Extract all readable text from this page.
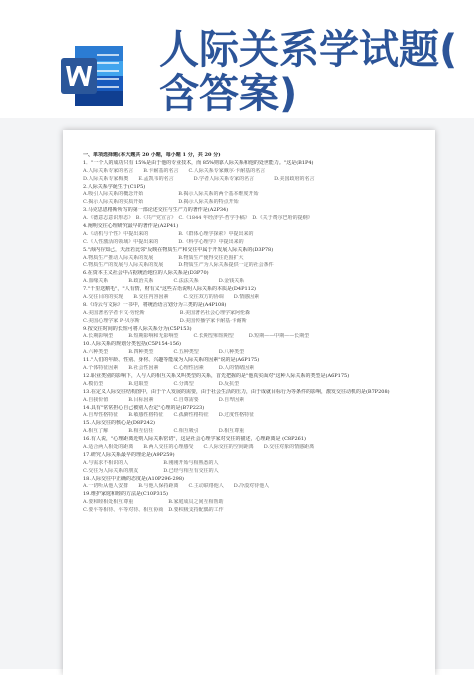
人际关系学试题(
含答案)
一、单项选择题(本大题共 20 小题，每小题 1 分，共 20 分)
1．"一个人的成功只有 15%是由于他的专业技术，而 85%则靠人际关系和他的处世能力。"这是(B1P4)
A.人际关系专家的名言　　B.卡耐基的名言　　C.人际关系专家戴尔·卡耐基的名言
D.人际关系专家梅奥　　E.孟凯韦的名言　　　　D.学者人际关系专家的名言　　　　D.美国政府的名言
2.人际关系学诞生于(C1P5)
A.吸引人际关系的概念开始　　　　　　　B.揭示人际关系的两个基本维度开始
C.揭示人际关系的实质开始　　　　　　　D.揭示人际关系的特点开始
3.马克思恩格斯所写的第一部论述交往与生产力的著作是(A2P34)
A.《德意志意识形态》　B.《共产党宣言》　C.《1844 年经济学-哲学手稿》　D.《关于费尔巴哈的提纲》
4.阐明交往心理研究最早的著作是(A2P41)
A.《动机与个性》中提出来的　　　　　　B.《群体心理学探索》中提出来的
C.《人性激活的领域》中提出来的　　　　D.《科学心理学》中提出来的
5."海内存知己，天涯若比邻"反映在物质生产和交往中属于开发展人际关系的(D3P78)
A.物质生产推动人际关系的发展　　　　　B.物质生产使得交往范围扩大
C.物质生产的发展与人际关系的发展　　　D.物质生产为人际关系提供一定的社会条件
6.在资本主义社会中占据统治地位的人际关系是(D3P70)
A.血缘关系　　　　B.政治关系　　　　C.法法关系　　　　D.金钱关系
7."千里送鹅毛"，"人有情，财有义"这些古语说明人际关系的本质是(D4P112)
A.交往目的的实现　　B.交往内容因素　　　C.交往双方的协调　　D.情感因素
8.《诗云与文际》一书中，将统治语言划分为三类的是(A4P108)
A.美国著名学者卡文·劳伦斯　　　　　　　B.美国著名社会心理学家阿伦森
C.美国心理学家 P·贝尔斯　　　　　　　　D.美国传播学家卡耐基·卡耐斯
9.按交往时间的长短可将人际关系分为(C5P153)
A.长期影响型　　　B.短期影响和无影响型　　　C.长期型和短期型　　　D.短期——中期——长期型
10.人际关系的规划分类包括(C5P154-156)
A.六种类型　　　　B.四种类型　　　　C.五种类型　　　　D.八种类型
11."人们的年龄、性别、身材、兴趣等能成为人际关系的因素"说的是(A6P175)
A.个体特征因素　　B.社会性因素　　　C.心理性因素　　　D.人的情绪因素
12.职业类别的影响下，人与人的相互关系又叫类型的关系，首先把握的是"他真实面对"这种人际关系的类型是(A6P175)
A.模仿型　　　　　B.进取型　　　　　C.分离型　　　　　D.反抗型
13.在定义人际交往结构图中，由于个人发展的需要，由于社会生活的压力，由于成就目标行为等条件的影响，激发交往动机的是(B7P208)
A.自我价值　　　　B.目标因素　　　　C.自尊需要　　　　D.自卑因素
14.具有"常常担心自己被别人否定"心理的是(B7P223)
A.自卑性格特征　　B.敏感性格特征　　C.孤僻性格特征　　D.过度性格特征
15.人际交往的核心是(D8P242)
A.相互了解　　　　B.相互信任　　　　C.相互吸引　　　　D.相互尊重
16.有人说，"心理距离近则人际关系密切"，这是社会心理学家对交往的描述，心理距离是 (C8P261)
A.适合两人相处的距离　　B.两人交往的心理感受　　C.人际交往的空间距离　　D.交往对象的情感距离
17.研究人际关系最早的理论是(A9P259)
A.与需求不相识的人　　　　　　　B.刚刚开始与相熟悉的人
C.交往为人际关系的朋友　　　　　D.已经与相互有交往的人
18.人际交往中正确的态度是(A10P296-298)
A.一切听从他人安排　　B.与他人保持距离　　C.主动联络他人　　D.冷漠对待他人
19.维护家庭和睦的方法是(C10P315)
A.要和睦相处相互尊重　　　　　　　B.家庭成员之间互相帮助
C.要平等相待、平等对待、相互协商　D.要积极支持配偶的工作
